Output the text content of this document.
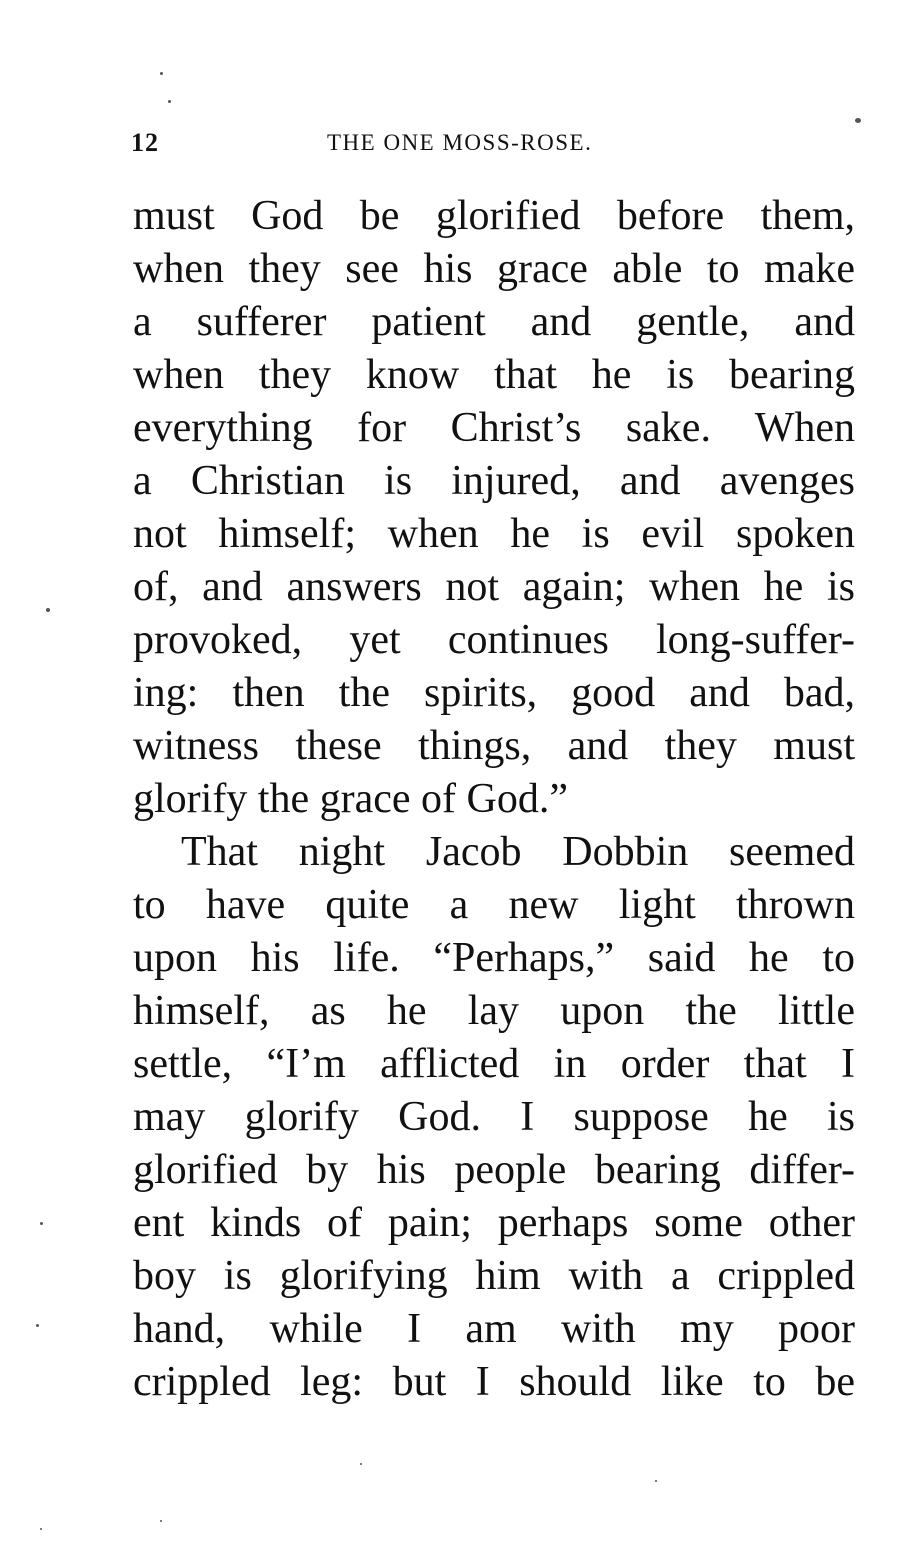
12	THE ONE MOSS-ROSE.
must God be glorified before them,
when they see his grace able to make
a sufferer patient and gentle, and
when they know that he is bearing
everything for Christ’s sake. When
a Christian is injured, and avenges
not himself; when he is evil spoken
of, and answers not again; when he is
provoked, yet continues long-suffer-
ing: then the spirits, good and bad,
witness these things, and they must
glorify the grace of God.”
That night Jacob Dobbin seemed
to have quite a new light thrown
upon his life. “Perhaps,” said he to
himself, as he lay upon the little
settle, “I’m afflicted in order that I
may glorify God. I suppose he is
glorified by his people bearing differ-
ent kinds of pain; perhaps some other
boy is glorifying him with a crippled
hand, while I am with my poor
crippled leg: but I should like to be
